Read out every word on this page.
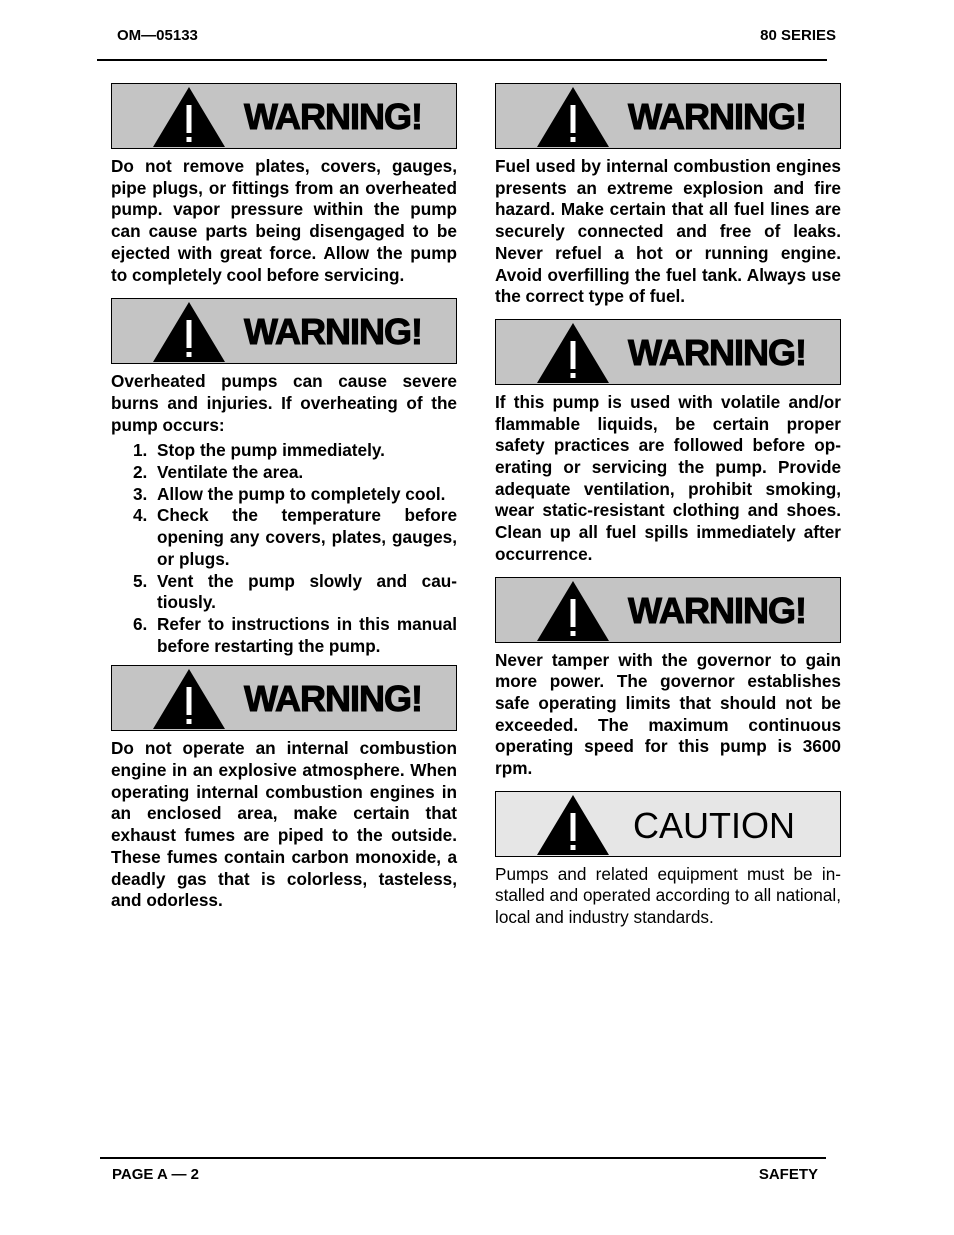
OM—05133	80 SERIES
WARNING!

Do not remove plates, covers, gauges, pipe plugs, or fittings from an overheated pump. vapor pressure within the pump can cause parts being disengaged to be ejected with great force. Allow the pump to completely cool before servicing.

WARNING!

Overheated pumps can cause severe burns and injuries. If overheating of the pump occurs:

1. Stop the pump immediately.
2. Ventilate the area.
3. Allow the pump to completely cool.
4. Check the temperature before opening any covers, plates, gauges, or plugs.
5. Vent the pump slowly and cautiously.
6. Refer to instructions in this manual before restarting the pump.
WARNING!

Do not operate an internal combustion engine in an explosive atmosphere. When operating internal combustion engines in an enclosed area, make certain that exhaust fumes are piped to the outside. These fumes contain carbon monoxide, a deadly gas that is colorless, tasteless, and odorless.

WARNING!

Fuel used by internal combustion engines presents an extreme explosion and fire hazard. Make certain that all fuel lines are securely connected and free of leaks. Never refuel a hot or running engine. Avoid overfilling the fuel tank. Always use the correct type of fuel.

WARNING!

If this pump is used with volatile and/or flammable liquids, be certain proper safety practices are followed before operating or servicing the pump. Provide adequate ventilation, prohibit smoking, wear static-resistant clothing and shoes. Clean up all fuel spills immediately after occurrence.

WARNING!

Never tamper with the governor to gain more power. The governor establishes safe operating limits that should not be exceeded. The maximum continuous operating speed for this pump is 3600 rpm.

CAUTION

Pumps and related equipment must be installed and operated according to all national, local and industry standards.

PAGE A — 2	SAFETY
